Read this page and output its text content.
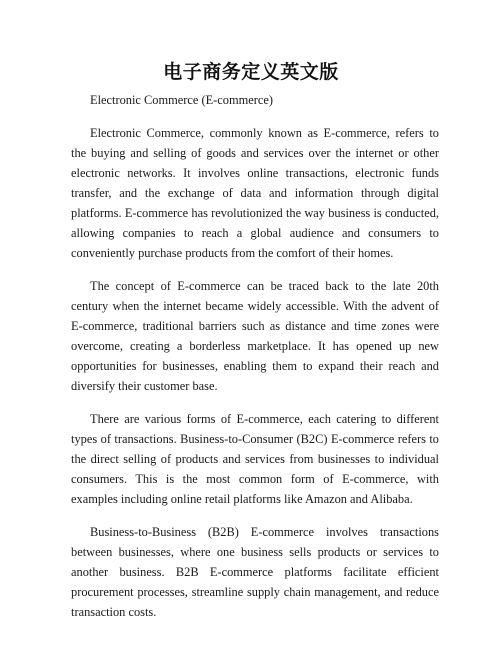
电子商务定义英文版

Electronic Commerce (E-commerce)

Electronic Commerce, commonly known as E-commerce, refers to the buying and selling of goods and services over the internet or other electronic networks. It involves online transactions, electronic funds transfer, and the exchange of data and information through digital platforms. E-commerce has revolutionized the way business is conducted, allowing companies to reach a global audience and consumers to conveniently purchase products from the comfort of their homes.

The concept of E-commerce can be traced back to the late 20th century when the internet became widely accessible. With the advent of E-commerce, traditional barriers such as distance and time zones were overcome, creating a borderless marketplace. It has opened up new opportunities for businesses, enabling them to expand their reach and diversify their customer base.

There are various forms of E-commerce, each catering to different types of transactions. Business-to-Consumer (B2C) E-commerce refers to the direct selling of products and services from businesses to individual consumers. This is the most common form of E-commerce, with examples including online retail platforms like Amazon and Alibaba.

Business-to-Business (B2B) E-commerce involves transactions between businesses, where one business sells products or services to another business. B2B E-commerce platforms facilitate efficient procurement processes, streamline supply chain management, and reduce transaction costs.
